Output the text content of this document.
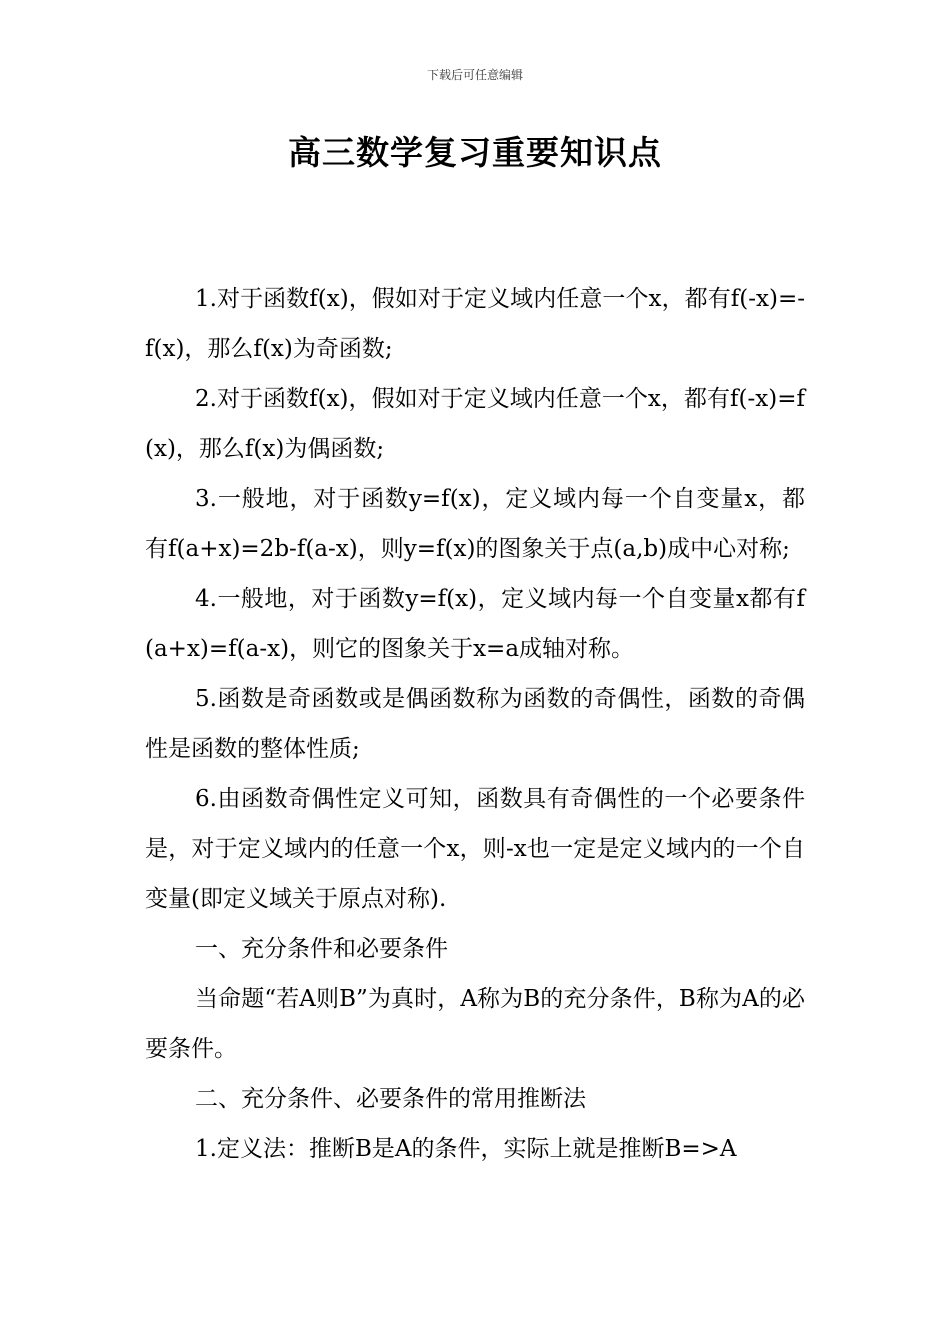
下载后可任意编辑
高三数学复习重要知识点

1.对于函数f(x)，假如对于定义域内任意一个x，都有f(-x)=-f(x)，那么f(x)为奇函数;

2.对于函数f(x)，假如对于定义域内任意一个x，都有f(-x)=f(x)，那么f(x)为偶函数;

3.一般地，对于函数y=f(x)，定义域内每一个自变量x，都有f(a+x)=2b-f(a-x)，则y=f(x)的图象关于点(a,b)成中心对称;

4.一般地，对于函数y=f(x)，定义域内每一个自变量x都有f(a+x)=f(a-x)，则它的图象关于x=a成轴对称。

5.函数是奇函数或是偶函数称为函数的奇偶性，函数的奇偶性是函数的整体性质;

6.由函数奇偶性定义可知，函数具有奇偶性的一个必要条件是，对于定义域内的任意一个x，则-x也一定是定义域内的一个自变量(即定义域关于原点对称).

一、充分条件和必要条件

当命题“若A则B”为真时，A称为B的充分条件，B称为A的必要条件。

二、充分条件、必要条件的常用推断法

1.定义法：推断B是A的条件，实际上就是推断B=>A
